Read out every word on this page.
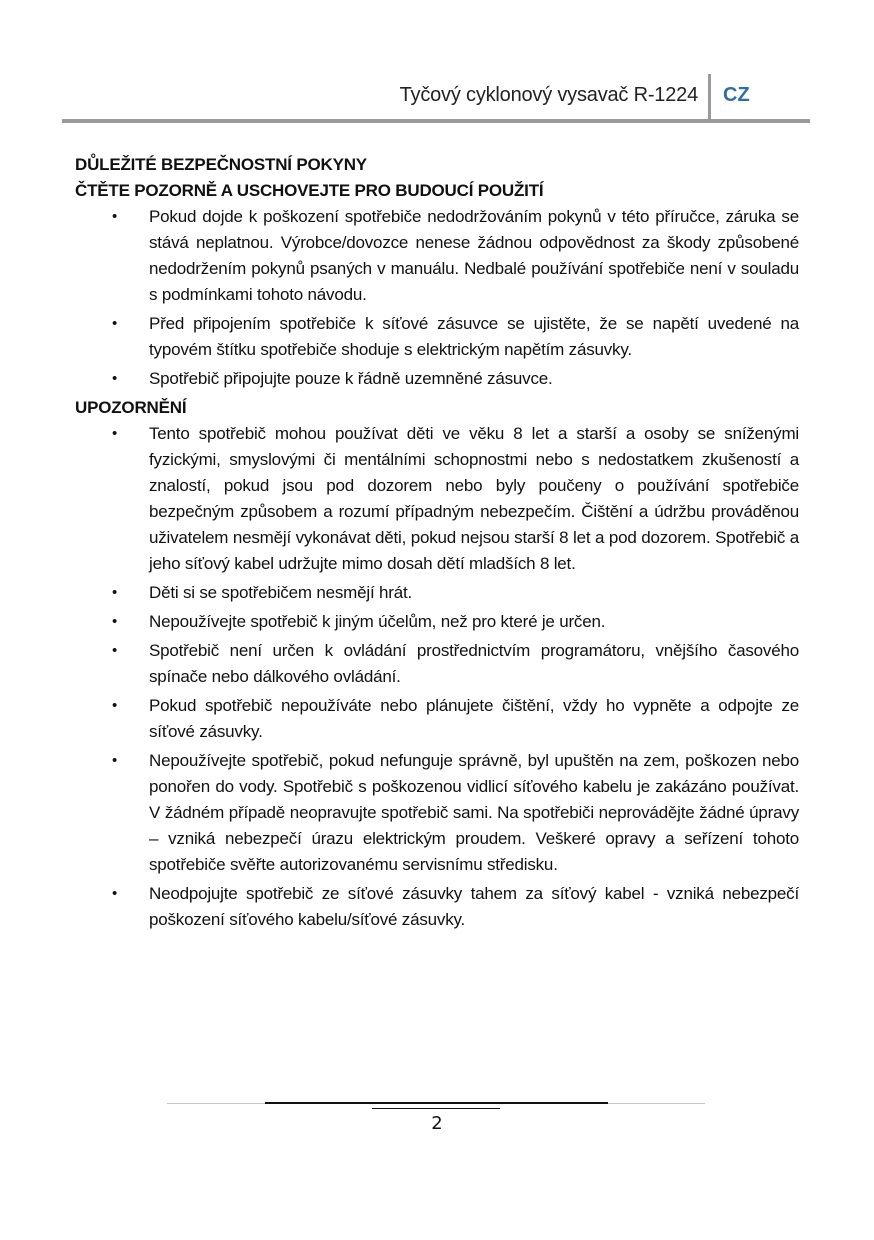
Tyčový cyklonový vysavač R-1224 CZ

DŮLEŽITÉ BEZPEČNOSTNÍ POKYNY

ČTĚTE POZORNĚ A USCHOVEJTE PRO BUDOUCÍ POUŽITÍ

• Pokud dojde k poškození spotřebiče nedodržováním pokynů v této příručce, záruka se stává neplatnou. Výrobce/dovozce nenese žádnou odpovědnost za škody způsobené nedodržením pokynů psaných v manuálu. Nedbalé používání spotřebiče není v souladu s podmínkami tohoto návodu.
• Před připojením spotřebiče k síťové zásuvce se ujistěte, že se napětí uvedené na typovém štítku spotřebiče shoduje s elektrickým napětím zásuvky.
• Spotřebič připojujte pouze k řádně uzemněné zásuvce.

UPOZORNĚNÍ

• Tento spotřebič mohou používat děti ve věku 8 let a starší a osoby se sníženými fyzickými, smyslovými či mentálními schopnostmi nebo s nedostatkem zkušeností a znalostí, pokud jsou pod dozorem nebo byly poučeny o používání spotřebiče bezpečným způsobem a rozumí případným nebezpečím. Čištění a údržbu prováděnou uživatelem nesmějí vykonávat děti, pokud nejsou starší 8 let a pod dozorem. Spotřebič a jeho síťový kabel udržujte mimo dosah dětí mladších 8 let.
• Děti si se spotřebičem nesmějí hrát.
• Nepoužívejte spotřebič k jiným účelům, než pro které je určen.
• Spotřebič není určen k ovládání prostřednictvím programátoru, vnějšího časového spínače nebo dálkového ovládání.
• Pokud spotřebič nepoužíváte nebo plánujete čištění, vždy ho vypněte a odpojte ze síťové zásuvky.
• Nepoužívejte spotřebič, pokud nefunguje správně, byl upuštěn na zem, poškozen nebo ponořen do vody. Spotřebič s poškozenou vidlicí síťového kabelu je zakázáno používat. V žádném případě neopravujte spotřebič sami. Na spotřebiči neprovádějte žádné úpravy – vzniká nebezpečí úrazu elektrickým proudem. Veškeré opravy a seřízení tohoto spotřebiče svěřte autorizovanému servisnímu středisku.
• Neodpojujte spotřebič ze síťové zásuvky tahem za síťový kabel - vzniká nebezpečí poškození síťového kabelu/síťové zásuvky.
2
